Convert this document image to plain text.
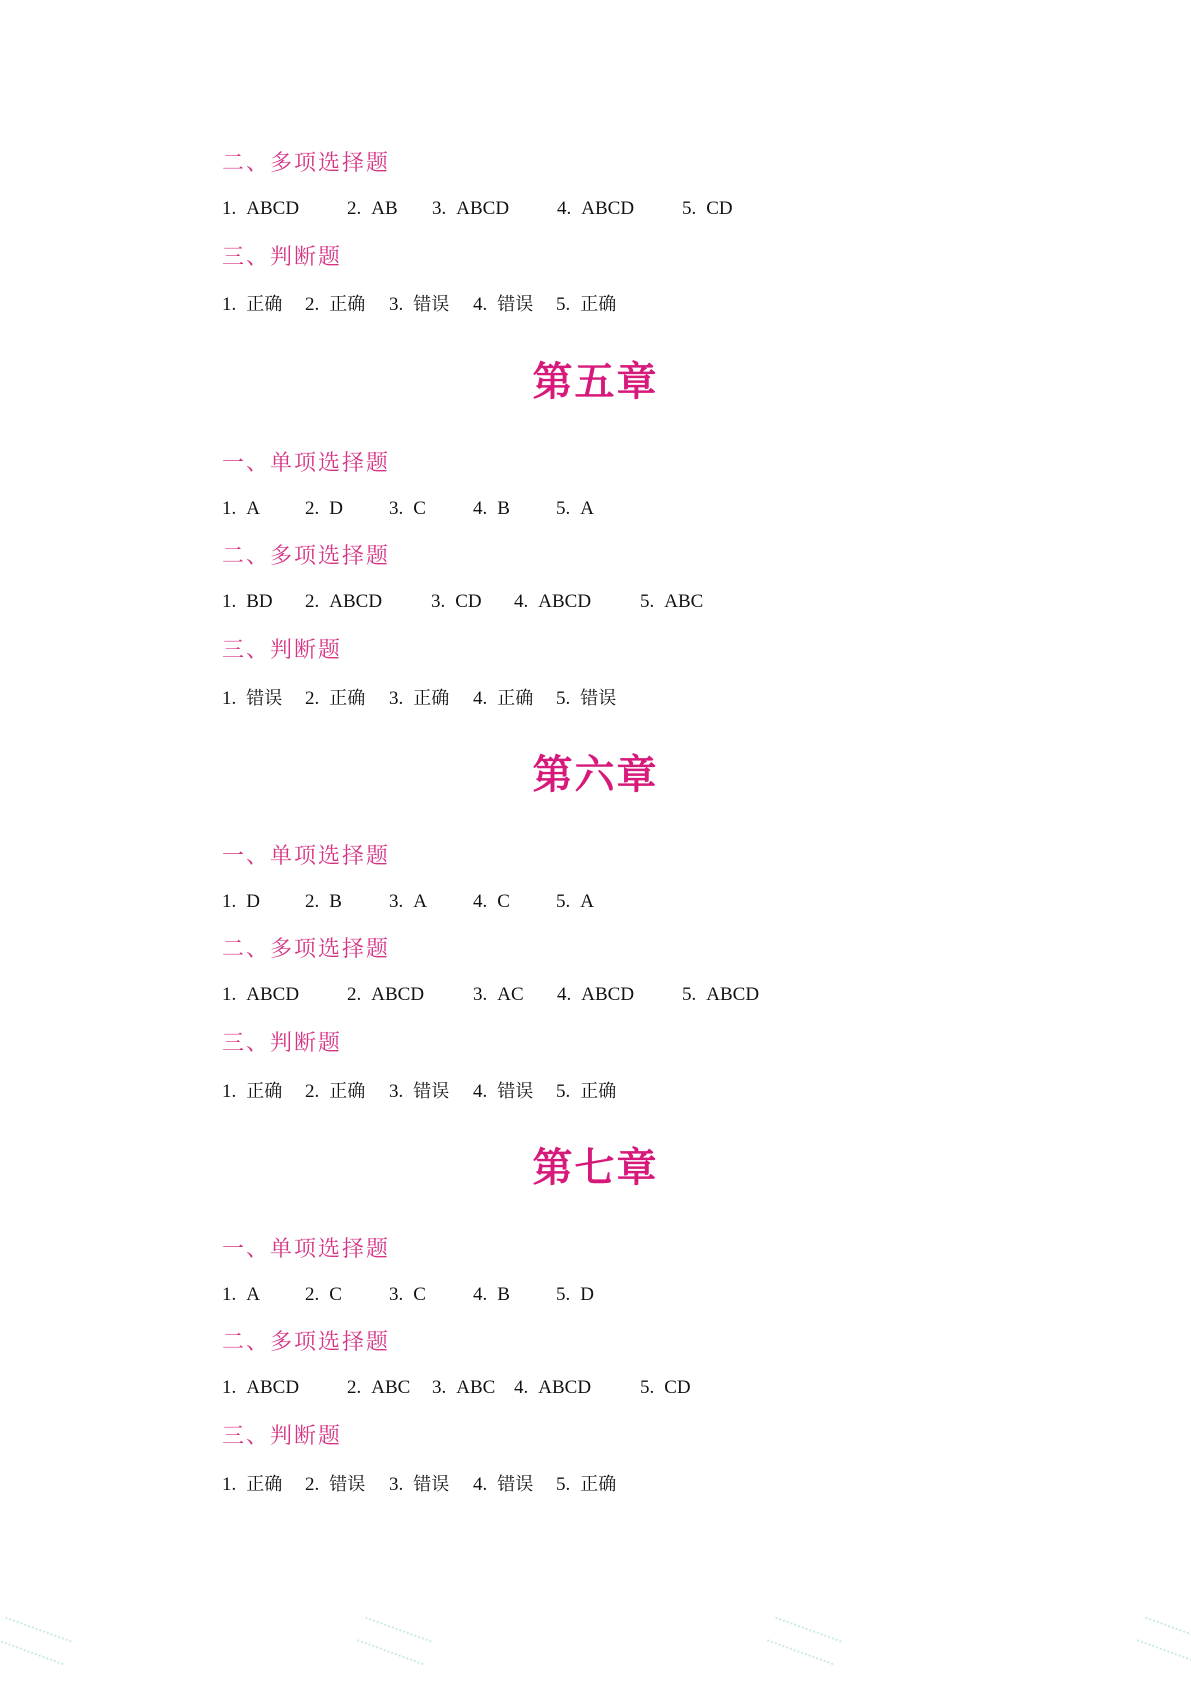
二、多项选择题
1. ABCD	2. AB 3. ABCD	4. ABCD	5. CD
三、判断题
1. 正确 2. 正确 3. 错误 4. 错误 5. 正确
第五章
一、单项选择题
1. A 2. D 3. C 4. B 5. A
二、多项选择题
1. BD 2. ABCD	3. CD 4. ABCD	5. ABC
三、判断题
1. 错误 2. 正确 3. 正确 4. 正确 5. 错误
第六章
一、单项选择题
1. D 2. B 3. A 4. C 5. A
二、多项选择题
1. ABCD	2. ABCD	3. AC 4. ABCD	5. ABCD
三、判断题
1. 正确 2. 正确 3. 错误 4. 错误 5. 正确
第七章
一、单项选择题
1. A 2. C 3. C 4. B 5. D
二、多项选择题
1. ABCD	2. ABC 3. ABC 4. ABCD	5. CD
三、判断题
1. 正确 2. 错误 3. 错误 4. 错误 5. 正确
